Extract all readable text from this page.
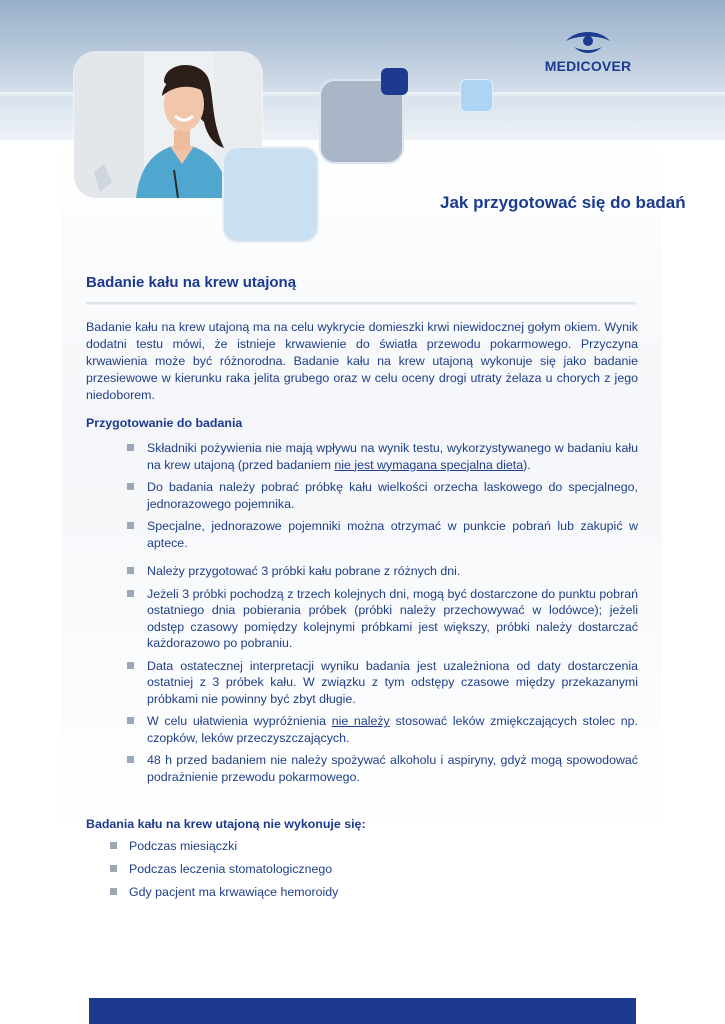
MEDICOVER
Jak przygotować się do badań
Badanie kału na krew utajoną
Badanie kału na krew utajoną ma na celu wykrycie domieszki krwi niewidocznej gołym okiem. Wynik dodatni testu mówi, że istnieje krwawienie do światła przewodu pokarmowego. Przyczyna krwawienia może być różnorodna. Badanie kału na krew utajoną wykonuje się jako badanie przesiewowe w kierunku raka jelita grubego oraz w celu oceny drogi utraty żelaza u chorych z jego niedoborem.
Przygotowanie do badania
Składniki pożywienia nie mają wpływu na wynik testu, wykorzystywanego w badaniu kału na krew utajoną (przed badaniem nie jest wymagana specjalna dieta).
Do badania należy pobrać próbkę kału wielkości orzecha laskowego do specjalnego, jednorazowego pojemnika.
Specjalne, jednorazowe pojemniki można otrzymać w punkcie pobrań lub zakupić w aptece.
Należy przygotować 3 próbki kału pobrane z różnych dni.
Jeżeli 3 próbki pochodzą z trzech kolejnych dni, mogą być dostarczone do punktu pobrań ostatniego dnia pobierania próbek (próbki należy przechowywać w lodówce); jeżeli odstęp czasowy pomiędzy kolejnymi próbkami jest większy, próbki należy dostarczać każdorazowo po pobraniu.
Data ostatecznej interpretacji wyniku badania jest uzależniona od daty dostarczenia ostatniej z 3 próbek kału. W związku z tym odstępy czasowe między przekazanymi próbkami nie powinny być zbyt długie.
W celu ułatwienia wypróżnienia nie należy stosować leków zmiękczających stolec np. czopków, leków przeczyszczających.
48 h przed badaniem nie należy spożywać alkoholu i aspiryny, gdyż mogą spowodować podrażnienie przewodu pokarmowego.
Badania kału na krew utajoną nie wykonuje się:
Podczas miesiączki
Podczas leczenia stomatologicznego
Gdy pacjent ma krwawiące hemoroidy
